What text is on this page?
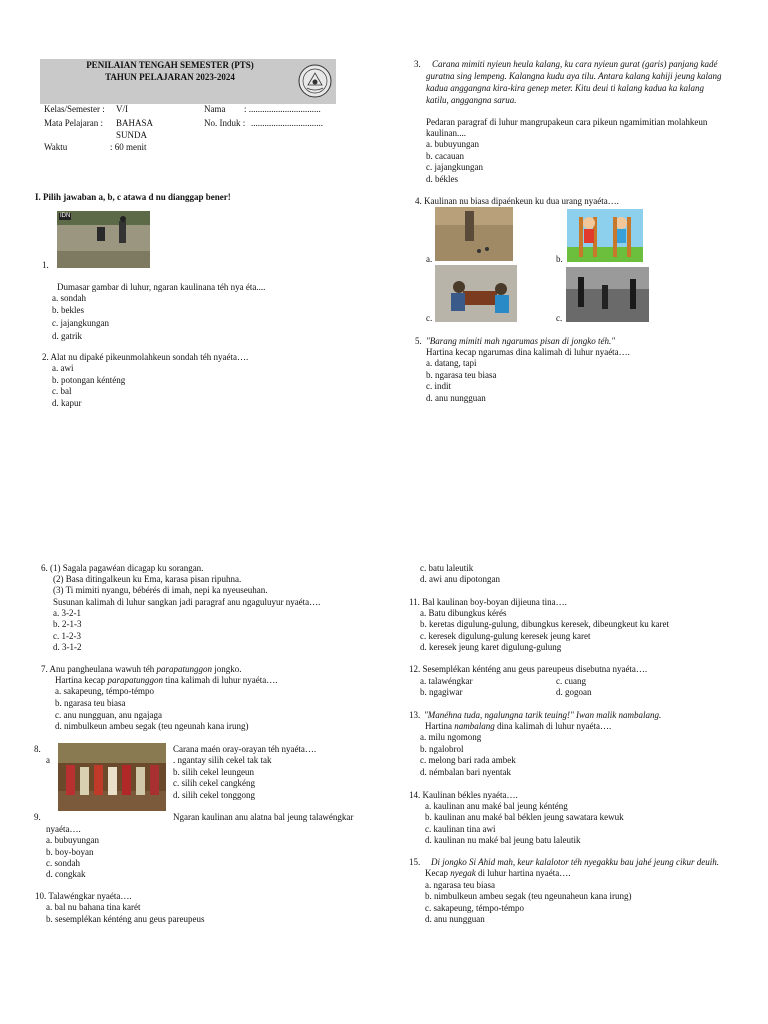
PENILAIAN TENGAH SEMESTER (PTS)
TAHUN PELAJARAN 2023-2024
Kelas/Semester : V/I	Nama : ................................
Mata Pelajaran : BAHASA
SUNDA
No. Induk : ................................
Waktu	: 60 menit
I. Pilih jawaban a, b, c atawa d nu dianggap bener!
IDN
1.
Dumasar gambar di luhur, ngaran kaulinana téh nya éta....
a. sondah
b. bekles
c. jajangkungan
d. gatrik
2. Alat nu dipaké pikeunmolahkeun sondah téh nyaéta….
a. awi
b. potongan kénténg
c. bal
d. kapur
3. Carana mimiti nyieun heula kalang, ku cara nyieun gurat (garis) panjang kadé
guratna sing lempeng. Kalangna kudu aya tilu. Antara kalang kahiji jeung kalang
kadua anggangna kira-kira genep meter. Kitu deui ti kalang kadua ka kalang
katilu, anggangna sarua.
Pedaran paragraf di luhur mangrupakeun cara pikeun ngamimitian molahkeun
kaulinan....
a. bubuyungan
b. cacauan
c. jajangkungan
d. békles
4. Kaulinan nu biasa dipaénkeun ku dua urang nyaéta….
a.	b.
c.	c.
5. "Barang mimiti mah ngarumas pisan di jongko téh."
Hartina kecap ngarumas dina kalimah di luhur nyaéta….
a. datang, tapi
b. ngarasa teu biasa
c. indit
d. anu nungguan
6. (1) Sagala pagawéan dicagap ku sorangan.
(2) Basa ditingalkeun ku Ema, karasa pisan ripuhna.
(3) Ti mimiti nyangu, bébérés di imah, nepi ka nyeuseuhan.
Susunan kalimah di luhur sangkan jadi paragraf anu ngaguluyur nyaéta….
a. 3-2-1
b. 2-1-3
c. 1-2-3
d. 3-1-2
7. Anu pangheulana wawuh téh parapatunggon jongko.
Hartina kecap parapatunggon tina kalimah di luhur nyaéta….
a. sakapeung, témpo-témpo
b. ngarasa teu biasa
c. anu nungguan, anu ngajaga
d. nimbulkeun ambeu segak (teu ngeunah kana irung)
8.
a
Carana maén oray-orayan téh nyaéta….
. ngantay silih cekel tak tak
b. silih cekel leungeun
c. silih cekel cangkéng
d. silih cekel tonggong
9.	Ngaran kaulinan anu alatna bal jeung talawéngkar
nyaéta….
a. bubuyungan
b. boy-boyan
c. sondah
d. congkak
10. Talawéngkar nyaéta….
a. bal nu bahana tina karét
b. sesemplékan kénténg anu geus pareupeus
c. batu laleutik
d. awi anu dipotongan
11. Bal kaulinan boy-boyan dijieuna tina….
a. Batu dibungkus kérés
b. keretas digulung-gulung, dibungkus keresek, dibeungkeut ku karet
c. keresek digulung-gulung keresek jeung karet
d. keresek jeung karet digulung-gulung
12. Sesemplékan kénténg anu geus pareupeus disebutna nyaéta….
a. talawéngkar	c. cuang
b. ngagiwar	d. gogoan
13. "Manéhna tuda, ngalungna tarik teuing!" Iwan malik nambalang.
Hartina nambalang dina kalimah di luhur nyaéta….
a. milu ngomong
b. ngalobrol
c. melong bari rada ambek
d. némbalan bari nyentak
14. Kaulinan békles nyaéta….
a. kaulinan anu maké bal jeung kénténg
b. kaulinan anu maké bal béklen jeung sawatara kewuk
c. kaulinan tina awi
d. kaulinan nu maké bal jeung batu laleutik
15. Di jongko Si Ahid mah, keur kalalotor téh nyegakku bau jahé jeung cikur deuih.
Kecap nyegak di luhur hartina nyaéta….
a. ngarasa teu biasa
b. nimbulkeun ambeu segak (teu ngeunaheun kana irung)
c. sakapeung, témpo-témpo
d. anu nungguan
